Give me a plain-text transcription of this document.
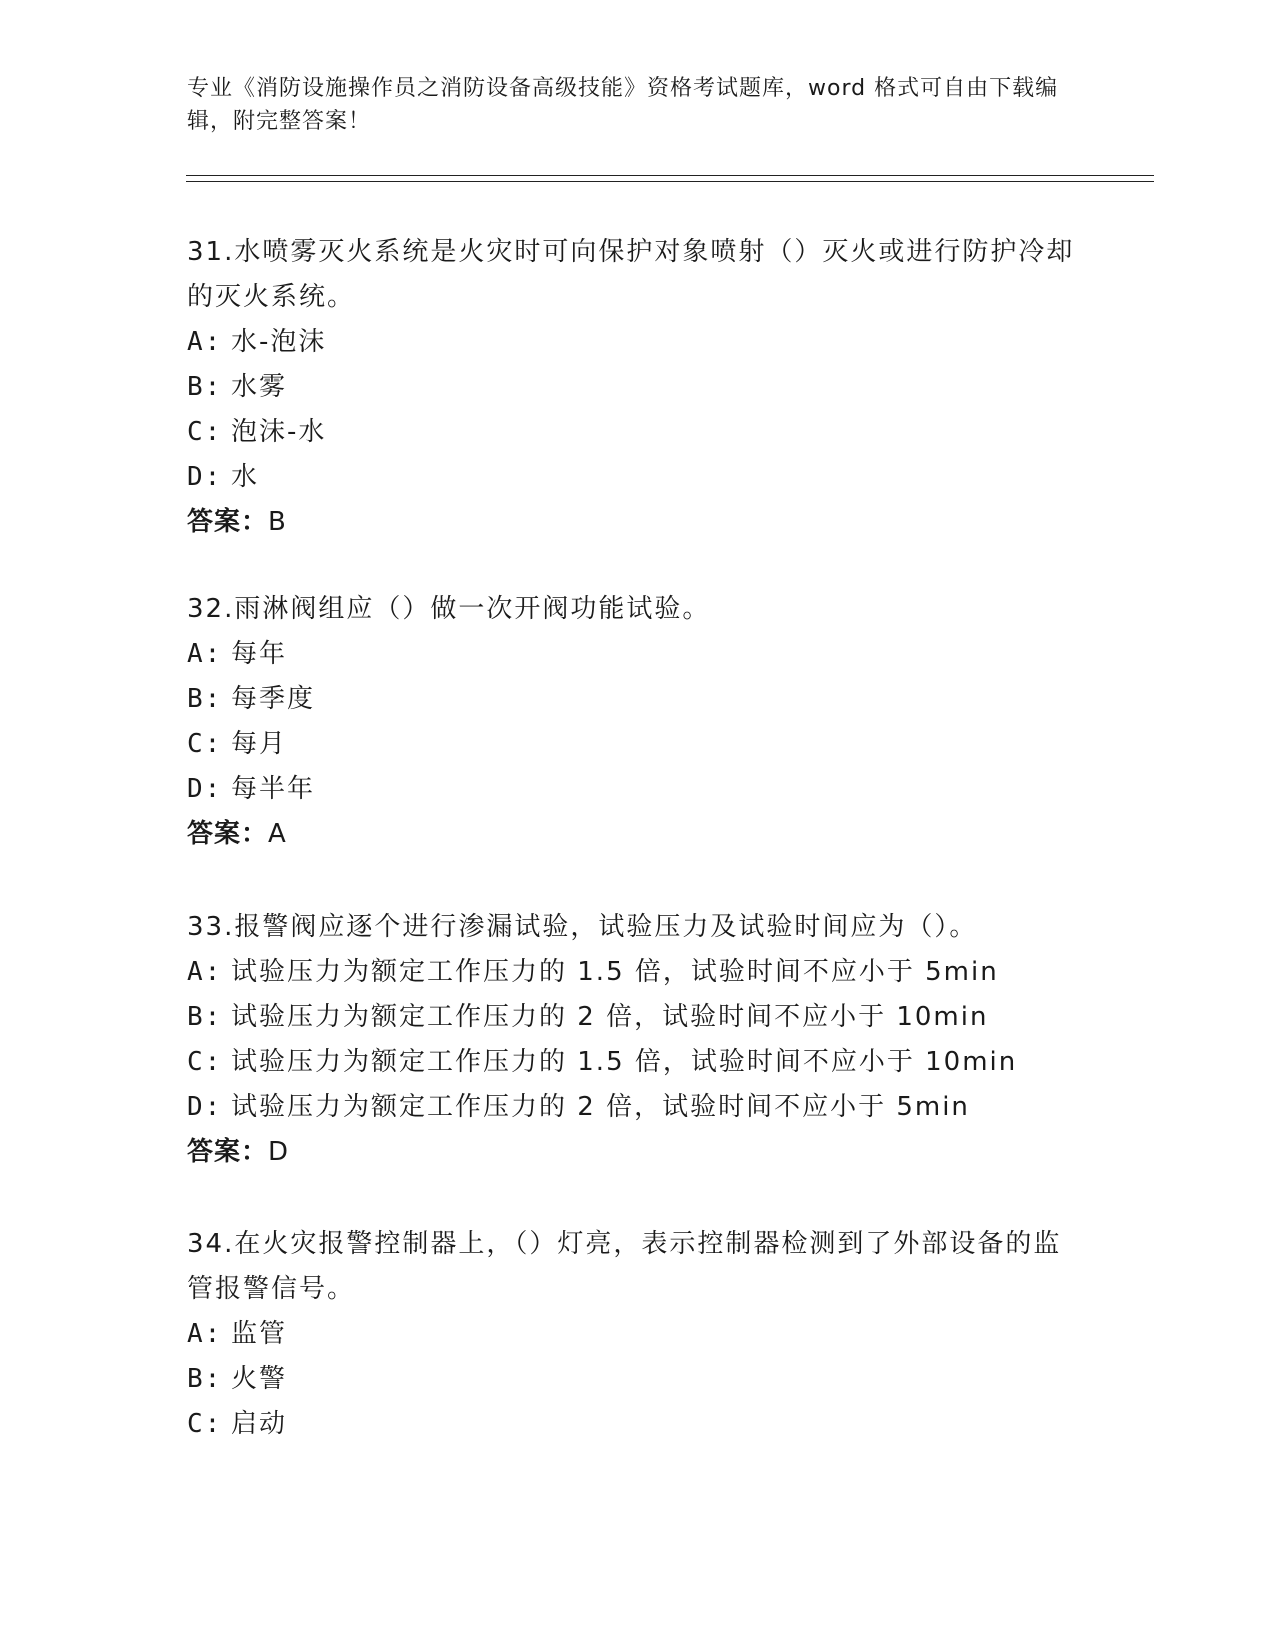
专业《消防设施操作员之消防设备高级技能》资格考试题库，word 格式可自由下载编辑，附完整答案！

31.水喷雾灭火系统是火灾时可向保护对象喷射（）灭火或进行防护冷却的灭火系统。

A: 水-泡沫

B: 水雾

C: 泡沫-水

D: 水

答案：B

32.雨淋阀组应（）做一次开阀功能试验。

A: 每年

B: 每季度

C: 每月

D: 每半年

答案：A

33.报警阀应逐个进行渗漏试验，试验压力及试验时间应为（）。

A: 试验压力为额定工作压力的 1.5 倍，试验时间不应小于 5min

B: 试验压力为额定工作压力的 2 倍，试验时间不应小于 10min

C: 试验压力为额定工作压力的 1.5 倍，试验时间不应小于 10min

D: 试验压力为额定工作压力的 2 倍，试验时间不应小于 5min

答案：D

34.在火灾报警控制器上，（）灯亮，表示控制器检测到了外部设备的监管报警信号。

A: 监管

B: 火警

C: 启动
